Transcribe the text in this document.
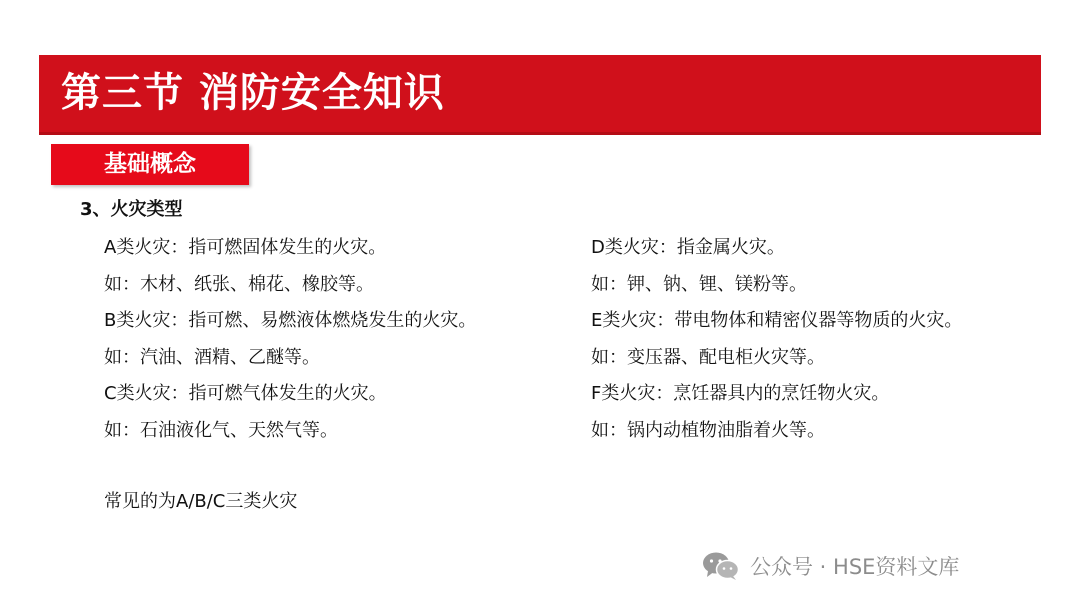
第三节 消防安全知识
基础概念
3、火灾类型
A类火灾：指可燃固体发生的火灾。
如：木材、纸张、棉花、橡胶等。
B类火灾：指可燃、易燃液体燃烧发生的火灾。
如：汽油、酒精、乙醚等。
C类火灾：指可燃气体发生的火灾。
如：石油液化气、天然气等。
D类火灾：指金属火灾。
如：钾、钠、锂、镁粉等。
E类火灾：带电物体和精密仪器等物质的火灾。
如：变压器、配电柜火灾等。
F类火灾：烹饪器具内的烹饪物火灾。
如：锅内动植物油脂着火等。
常见的为A/B/C三类火灾
公众号 · HSE资料文库
